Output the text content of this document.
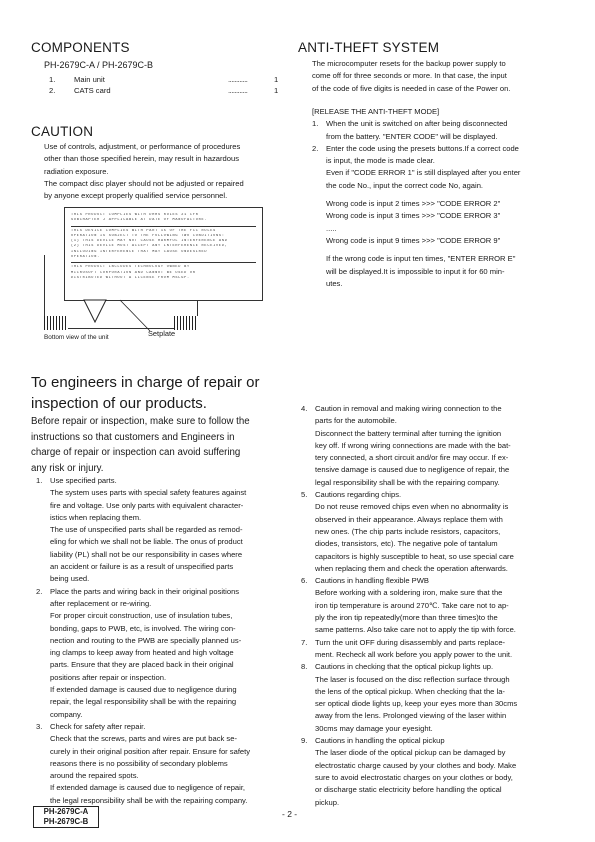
COMPONENTS
PH-2679C-A / PH-2679C-B
1. Main unit	............	1
2. CATS card	............	1
CAUTION
Use of controls, adjustment, or performance of procedures
other than those specified herein, may result in hazardous
radiation exposure.
The compact disc player should not be adjusted or repaired
by anyone except properly qualified service personnel.
THIS PRODUCT COMPLIES WITH DHHS RULES 21 CFR
SUBCHAPTER J APPLICABLE AT DATE OF MANUFACTURE.
THIS DEVICE COMPLIES WITH PART 15 OF THE FCC RULES
OPERATION IS SUBJECT TO THE FOLLOWING TWO CONDITIONS:
(1) THIS DEVICE MAY NOT CAUSE HARMFUL INTERFERENCE AND
(2) THIS DEVICE MUST ACCEPT ANY INTERFERENCE RECEIVED,
INCLUDING INTERFERENCE THAT MAY CAUSE UNDESIRED
OPERATION.
THIS PRODUCT INCLUDES TECHNOLOGY OWNED BY
MICROSOFT CORPORATION AND CANNOT BE USED OR
DISTRIBUTED WITHOUT A LICENSE FROM MSLGP.
Setplate
Bottom view of the unit
ANTI-THEFT SYSTEM
The microcomputer resets for the backup power supply to
come off for three seconds or more. In that case, the input
of the code of five digits is needed in case of the Power on.
[RELEASE THE ANTI-THEFT MODE]
1. When the unit is switched on after being disconnected
from the battery. "ENTER CODE" will be displayed.
2. Enter the code using the presets buttons.If a correct code
is input, the mode is made clear.
Even if "CODE ERROR 1" is still displayed after you enter
the code No., input the correct code No, again.
Wrong code is input 2 times >>> "CODE ERROR 2"
Wrong code is input 3 times >>> "CODE ERROR 3"
.....
Wrong code is input 9 times >>> "CODE ERROR 9"
If the wrong code is input ten times, "ENTER ERROR E"
will be displayed.It is impossible to input it for 60 min-
utes.
To engineers in charge of repair or
inspection of our products.
Before repair or inspection, make sure to follow the
instructions so that customers and Engineers in
charge of repair or inspection can avoid suffering
any risk or injury.
1. Use specified parts.
The system uses parts with special safety features against
fire and voltage. Use only parts with equivalent character-
istics when replacing them.
The use of unspecified parts shall be regarded as remod-
eling for which we shall not be liable. The onus of product
liability (PL) shall not be our responsibility in cases where
an accident or failure is as a result of unspecified parts
being used.
2. Place the parts and wiring back in their original positions
after replacement or re-wiring.
For proper circuit construction, use of insulation tubes,
bonding, gaps to PWB, etc, is involved. The wiring con-
nection and routing to the PWB are specially planned us-
ing clamps to keep away from heated and high voltage
parts. Ensure that they are placed back in their original
positions after repair or inspection.
If extended damage is caused due to negligence during
repair, the legal responsibility shall be with the repairing
company.
3. Check for safety after repair.
Check that the screws, parts and wires are put back se-
curely in their original position after repair. Ensure for safety
reasons there is no possibility of secondary ploblems
around the repaired spots.
If extended damage is caused due to negligence of repair,
the legal responsibility shall be with the repairing company.
4. Caution in removal and making wiring connection to the
parts for the automobile.
Disconnect the battery terminal after turning the ignition
key off. If wrong wiring connections are made with the bat-
tery connected, a short circuit and/or fire may occur. If ex-
tensive damage is caused due to negligence of repair, the
legal responsibility shall be with the repairing company.
5. Cautions regarding chips.
Do not reuse removed chips even when no abnormality is
observed in their appearance. Always replace them with
new ones. (The chip parts include resistors, capacitors,
diodes, transistors, etc). The negative pole of tantalum
capacitors is highly susceptible to heat, so use special care
when replacing them and check the operation afterwards.
6. Cautions in handling flexible PWB
Before working with a soldering iron, make sure that the
iron tip temperature is around 270℃. Take care not to ap-
ply the iron tip repeatedly(more than three times)to the
same patterns. Also take care not to apply the tip with force.
7. Turn the unit OFF during disassembly and parts replace-
ment. Recheck all work before you apply power to the unit.
8. Cautions in checking that the optical pickup lights up.
The laser is focused on the disc reflection surface through
the lens of the optical pickup. When checking that the la-
ser optical diode lights up, keep your eyes more than 30cms
away from the lens. Prolonged viewing of the laser within
30cms may damage your eyesight.
9. Cautions in handling the optical pickup
The laser diode of the optical pickup can be damaged by
electrostatic charge caused by your clothes and body. Make
sure to avoid electrostatic charges on your clothes or body,
or discharge static electricity before handling the optical
pickup.
PH-2679C-A
PH-2679C-B
- 2 -
